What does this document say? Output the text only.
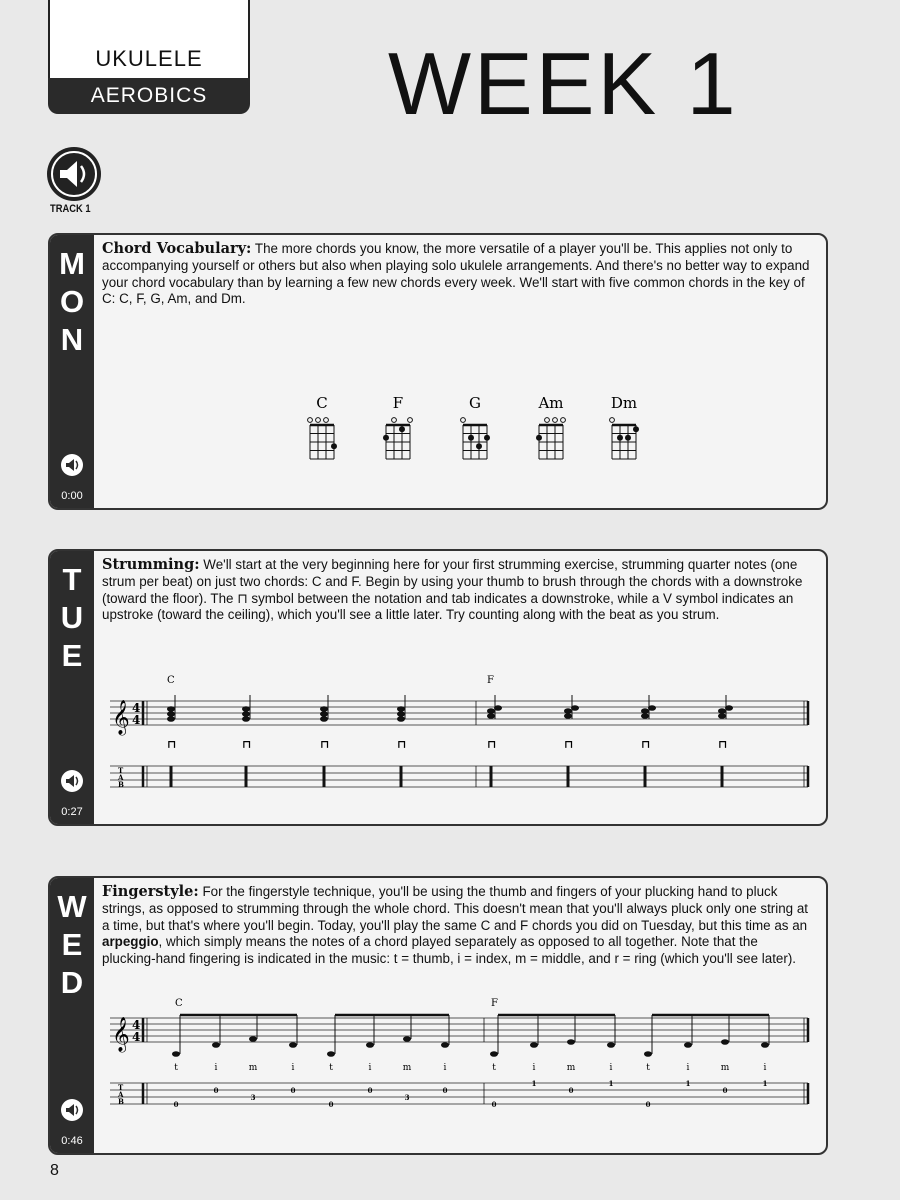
UKULELE
AEROBICS	WEEK 1
TRACK 1
M
O
N
0:00
Chord Vocabulary: The more chords you know, the more versatile of a player you'll be. This applies not only to accompanying yourself or others but also when playing solo ukulele arrangements. And there's no better way to expand your chord vocabulary than by learning a few new chords every week. We'll start with five common chords in the key of C: C, F, G, Am, and Dm.
C	F	G	Am	Dm
T
U
E
0:27
Strumming: We'll start at the very beginning here for your first strumming exercise, strumming quarter notes (one strum per beat) on just two chords: C and F. Begin by using your thumb to brush through the chords with a downstroke (toward the floor). The ⊓ symbol between the notation and tab indicates a downstroke, while a V symbol indicates an upstroke (toward the ceiling), which you'll see a little later. Try counting along with the beat as you strum.
𝄞 4
4
T
A
B
C	F
⊓	⊓	⊓	⊓	⊓	⊓	⊓	⊓
W
E
D
0:46
Fingerstyle: For the fingerstyle technique, you'll be using the thumb and fingers of your plucking hand to pluck strings, as opposed to strumming through the whole chord. This doesn't mean that you'll always pluck only one string at a time, but that's where you'll begin. Today, you'll play the same C and F chords you did on Tuesday, but this time as an arpeggio, which simply means the notes of a chord played separately as opposed to all together. Note that the plucking-hand fingering is indicated in the music: t = thumb, i = index, m = middle, and r = ring (which you'll see later).
𝄞 4
4
T
A
B
C	F
t
0
i
0
m
3
i
0
t
0
i
0
m
3
i
0
t
0
i
1
m
0
i
1
t
0
i
1
m
0
i
1
8
